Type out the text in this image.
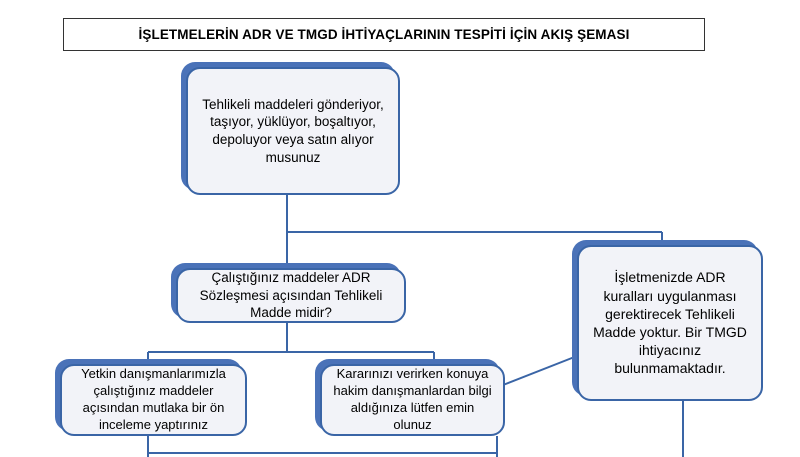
İŞLETMELERİN ADR VE TMGD İHTİYAÇLARININ TESPİTİ İÇİN AKIŞ ŞEMASI
Tehlikeli maddeleri gönderiyor, taşıyor, yüklüyor, boşaltıyor, depoluyor veya satın alıyor musunuz
Çalıştığınız maddeler ADR Sözleşmesi açısından Tehlikeli Madde midir?
İşletmenizde ADR kuralları uygulanması gerektirecek Tehlikeli Madde yoktur. Bir TMGD ihtiyacınız bulunmamaktadır.
Yetkin danışmanlarımızla çalıştığınız maddeler açısından mutlaka bir ön inceleme yaptırınız
Kararınızı verirken konuya hakim danışmanlardan bilgi aldığınıza lütfen emin olunuz
